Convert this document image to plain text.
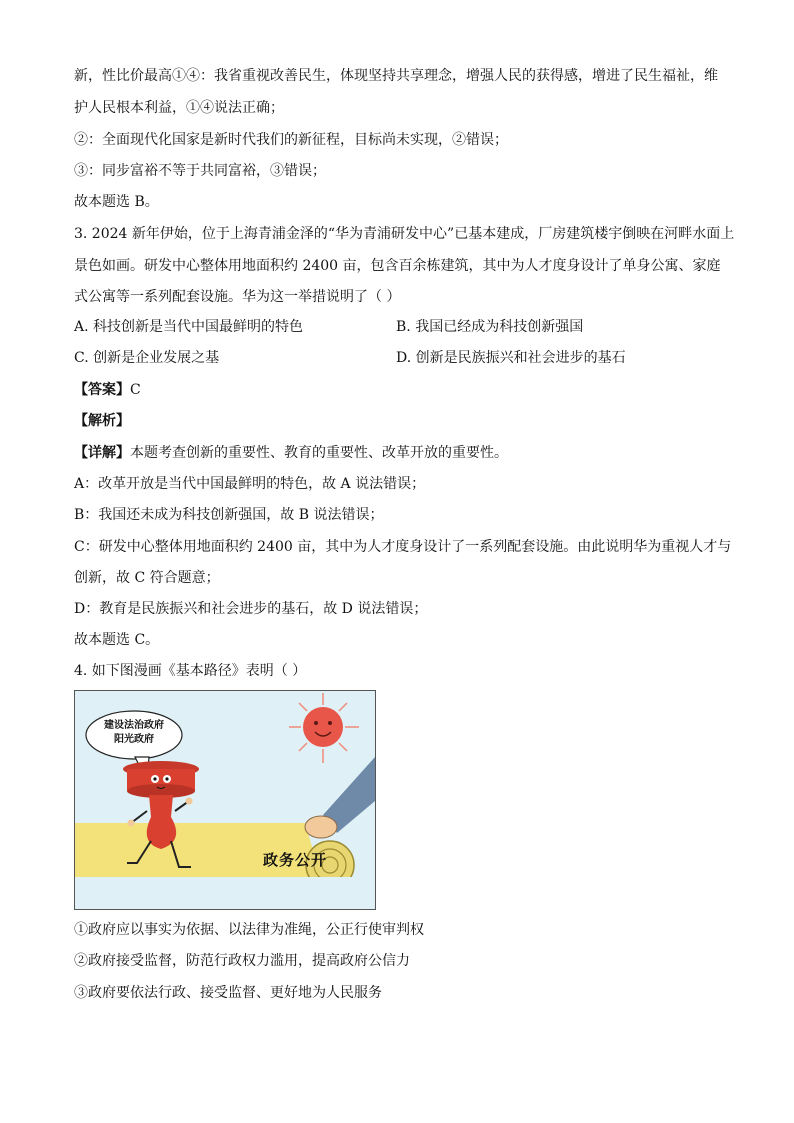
新，性比价最高①④：我省重视改善民生，体现坚持共享理念，增强人民的获得感，增进了民生福祉，维
护人民根本利益，①④说法正确；
②：全面现代化国家是新时代我们的新征程，目标尚未实现，②错误；
③：同步富裕不等于共同富裕，③错误；
故本题选 B。
3. 2024 新年伊始，位于上海青浦金泽的“华为青浦研发中心”已基本建成，厂房建筑楼宇倒映在河畔水面上
景色如画。研发中心整体用地面积约 2400 亩，包含百余栋建筑，其中为人才度身设计了单身公寓、家庭
式公寓等一系列配套设施。华为这一举措说明了（ ）
A. 科技创新是当代中国最鲜明的特色	B. 我国已经成为科技创新强国
C. 创新是企业发展之基	D. 创新是民族振兴和社会进步的基石
【答案】C
【解析】
【详解】本题考查创新的重要性、教育的重要性、改革开放的重要性。
A：改革开放是当代中国最鲜明的特色，故 A 说法错误；
B：我国还未成为科技创新强国，故 B 说法错误；
C：研发中心整体用地面积约 2400 亩，其中为人才度身设计了一系列配套设施。由此说明华为重视人才与
创新，故 C 符合题意；
D：教育是民族振兴和社会进步的基石，故 D 说法错误；
故本题选 C。
4. 如下图漫画《基本路径》表明（ ）
建设法治政府
阳光政府
政务公开
①政府应以事实为依据、以法律为准绳，公正行使审判权
②政府接受监督，防范行政权力滥用，提高政府公信力
③政府要依法行政、接受监督、更好地为人民服务
